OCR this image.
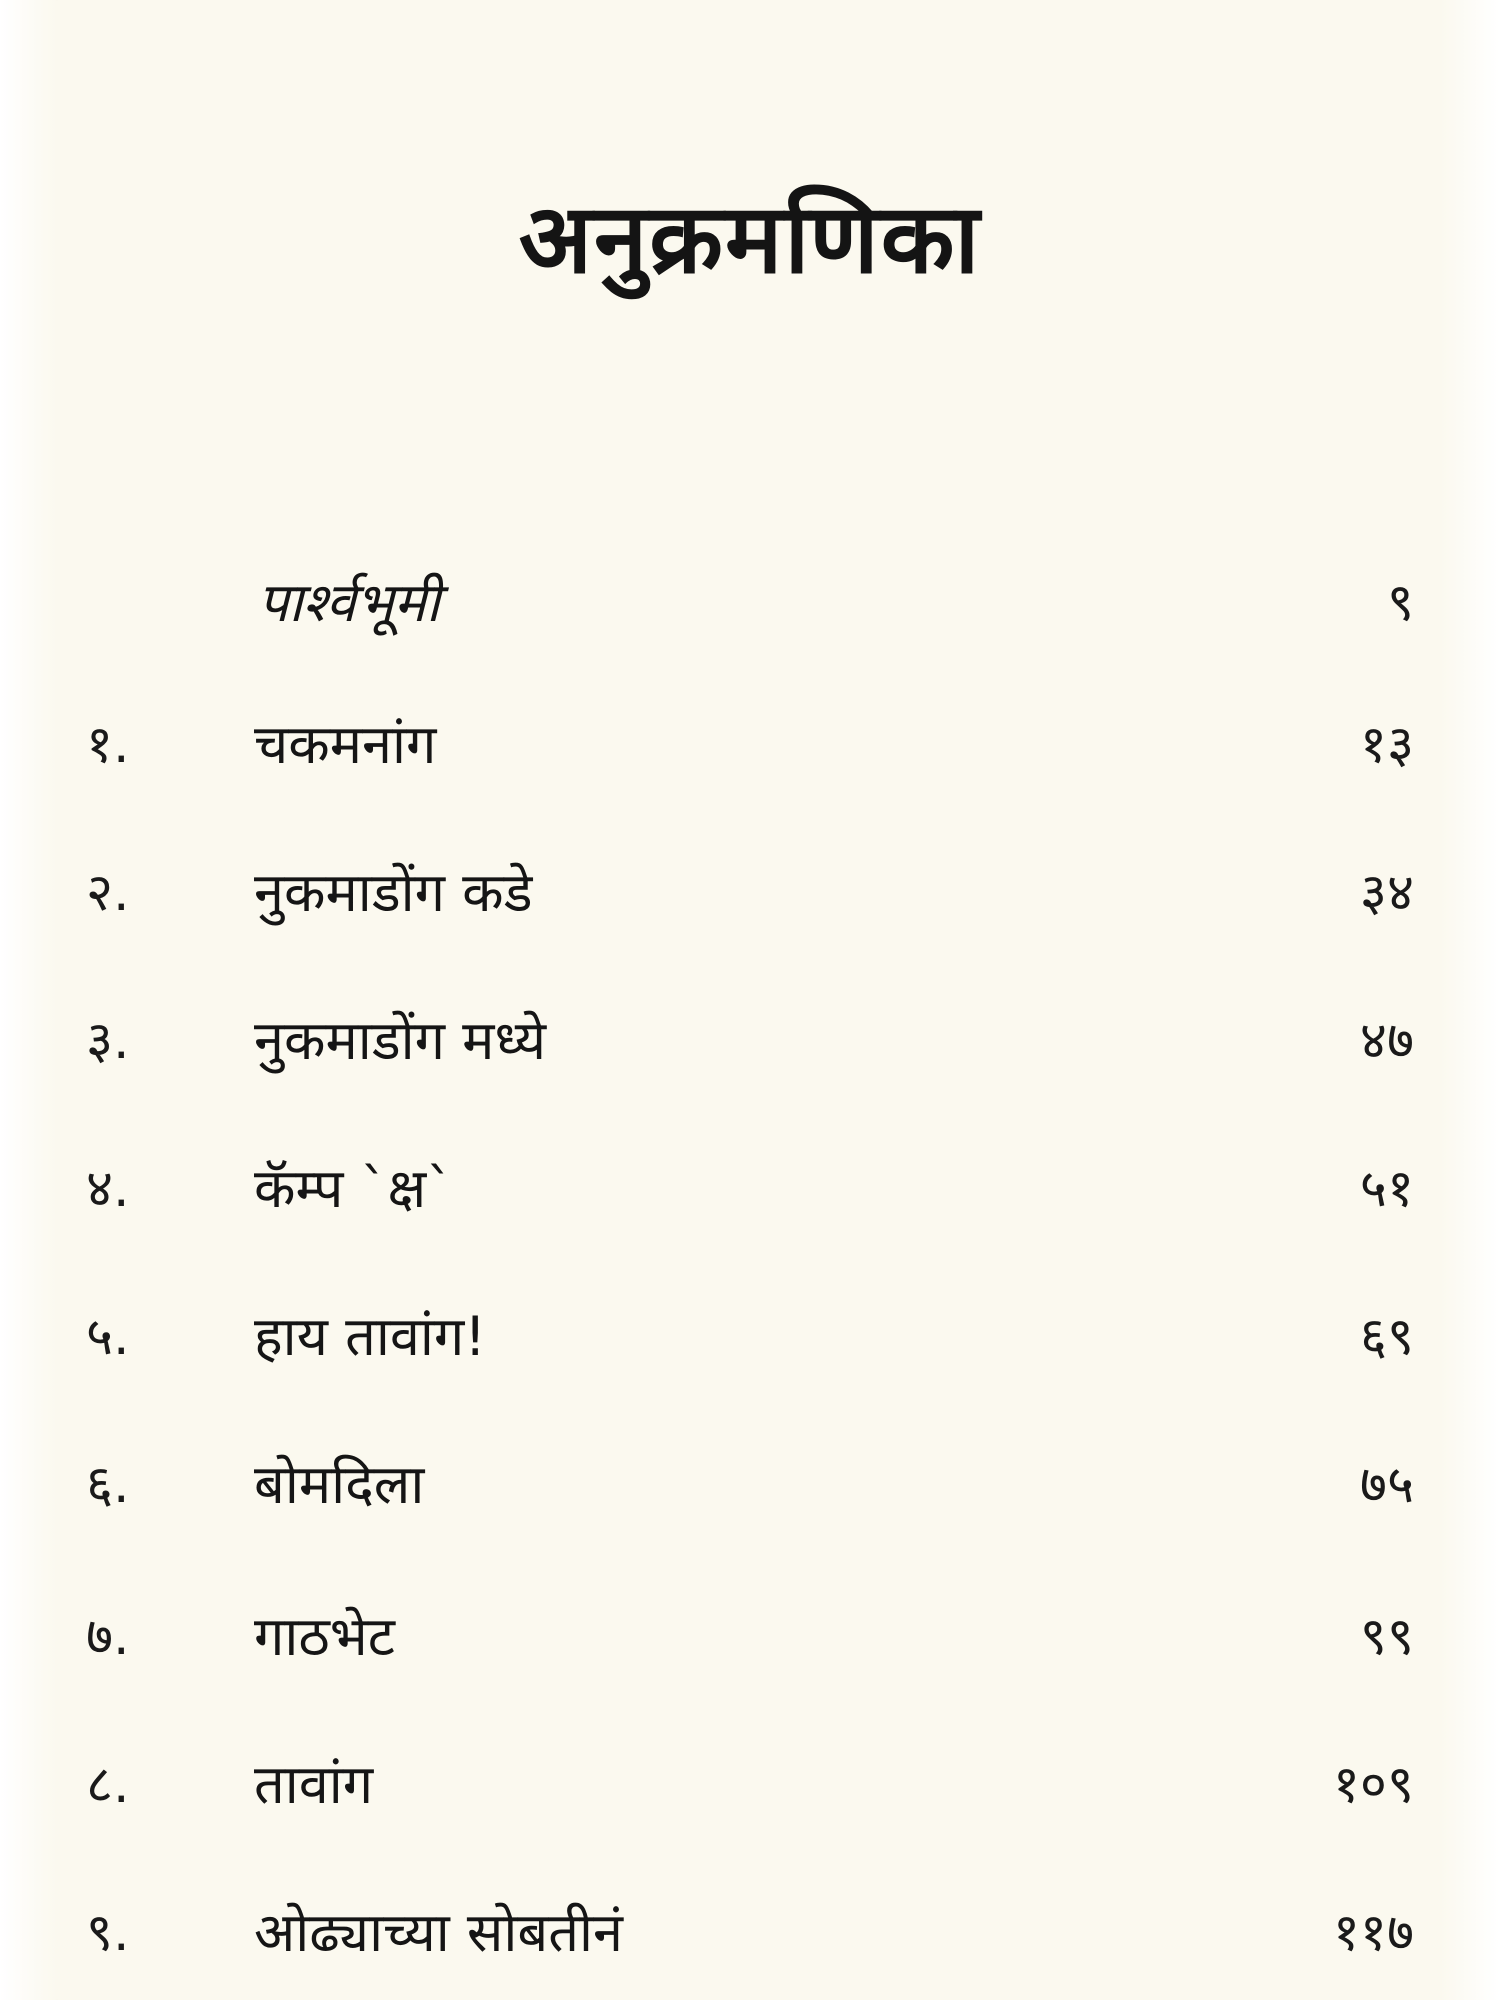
अनुक्रमणिका
पार्श्वभूमी	९
१. चकमनांग	१३
२. नुकमाडोंग कडे	३४
३. नुकमाडोंग मध्ये	४७
४. कॅम्प `क्ष`	५१
५. हाय तावांग!	६९
६. बोमदिला	७५
७. गाठभेट	९९
८. तावांग	१०९
९. ओढ्याच्या सोबतीनं	११७
